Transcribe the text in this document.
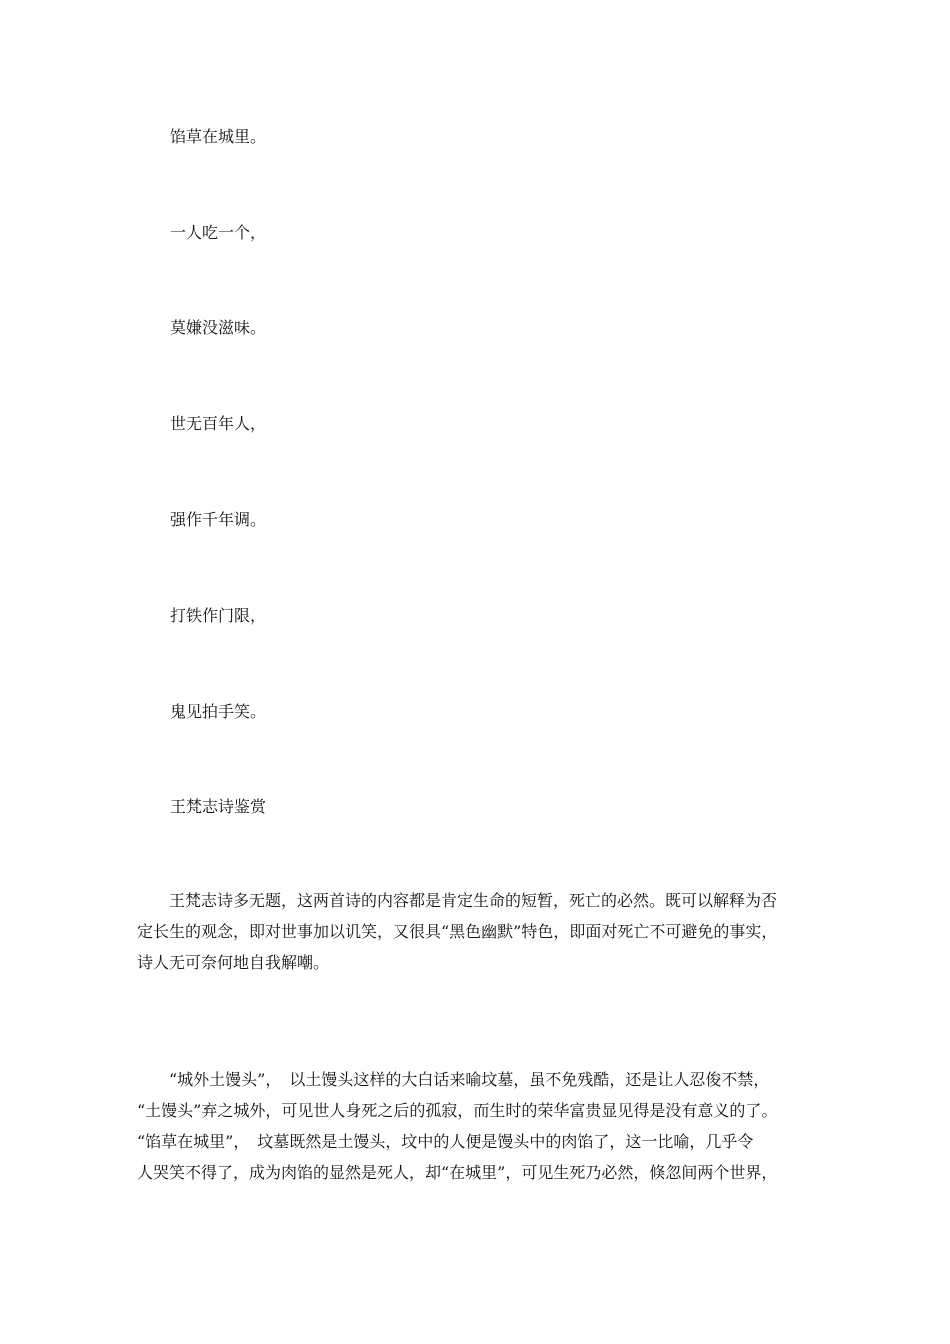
馅草在城里。
一人吃一个，
莫嫌没滋味。
世无百年人，
强作千年调。
打铁作门限，
鬼见拍手笑。
王梵志诗鉴赏

　　王梵志诗多无题，这两首诗的内容都是肯定生命的短暂，死亡的必然。既可以解释为否

定长生的观念，即对世事加以讥笑，又很具“黑色幽默”特色，即面对死亡不可避免的事实，

诗人无可奈何地自我解嘲。

　　“城外土馒头”，　以土馒头这样的大白话来喻坟墓，虽不免残酷，还是让人忍俊不禁，

“土馒头”弃之城外，可见世人身死之后的孤寂，而生时的荣华富贵显见得是没有意义的了。

“馅草在城里”，　坟墓既然是土馒头，坟中的人便是馒头中的肉馅了，这一比喻，几乎令

人哭笑不得了，成为肉馅的显然是死人，却“在城里”，可见生死乃必然，倏忽间两个世界，
